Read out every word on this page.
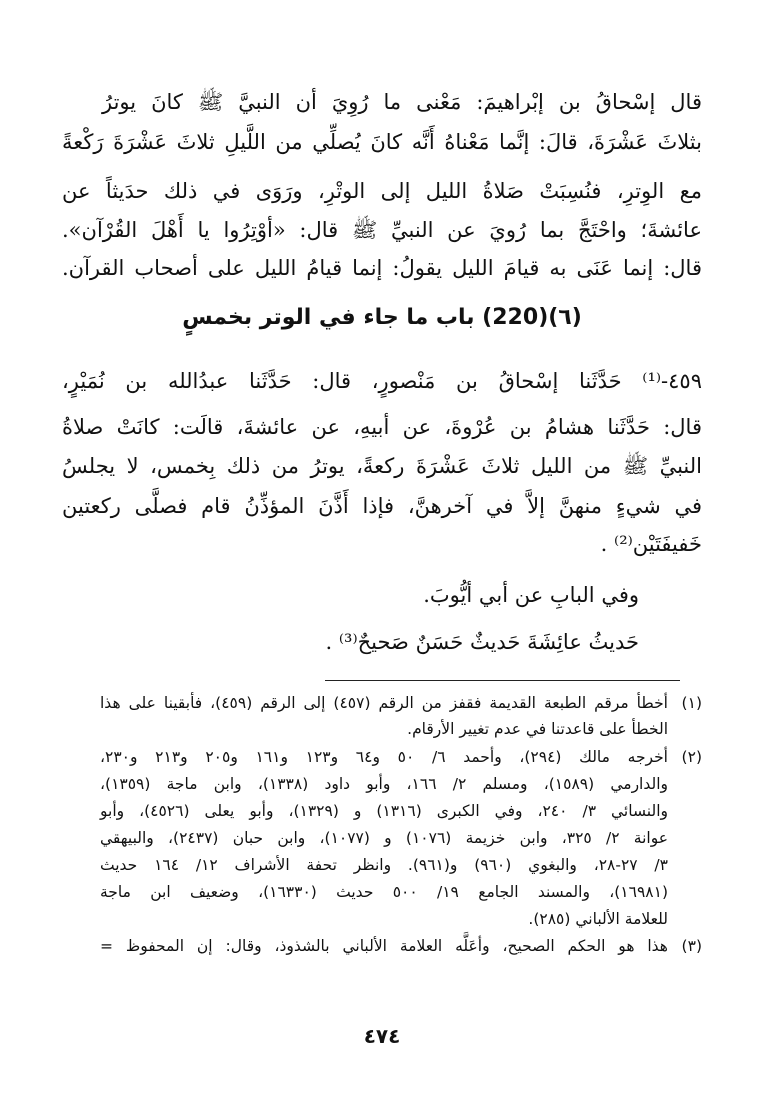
قال إسْحاقُ بن إبْراهيمَ: مَعْنى ما رُوِيَ أن النبيَّ ﷺ كانَ يوترُ
بثلاثَ عَشْرَةَ، قالَ: إنَّما مَعْناهُ أَنَّه كانَ يُصلِّي من اللَّيلِ ثلاثَ عَشْرَةَ رَكْعةً
مع الوِترِ، فنُسِبَتْ صَلاةُ الليل إلى الوتْرِ، ورَوَى في ذلك حدَيثاً عن
عائشةَ؛ واحْتَجَّ بما رُويَ عن النبيِّ ﷺ قال: «أوْتِرُوا يا أَهْلَ القُرْآن».
قال: إنما عَنَى به قيامَ الليل يقولُ: إنما قيامُ الليل على أصحاب القرآن.
(٦)(220) باب ما جاء في الوتر بخمسٍ
٤٥٩-⁽¹⁾ حَدَّثَنا إسْحاقُ بن مَنْصورٍ، قال: حَدَّثَنا عبدُالله بن نُمَيْرٍ،
قال: حَدَّثَنا هشامُ بن عُرْوةَ، عن أبيهِ، عن عائشةَ، قالَت: كانَتْ صلاةُ
النبيِّ ﷺ من الليل ثلاثَ عَشْرَةَ ركعةً، يوترُ من ذلك بِخمس، لا يجلسُ
في شيءٍ منهنَّ إلاَّ في آخرهنَّ، فإذا أَذَّنَ المؤذِّنُ قام فصلَّى ركعتين
خَفيفَتَيْن⁽²⁾ .
وفي البابِ عن أبي أيُّوبَ.
حَديثُ عائِشَةَ حَديثٌ حَسَنٌ صَحيحٌ⁽³⁾ .
(١)
أخطأ مرقم الطبعة القديمة فقفز من الرقم (٤٥٧) إلى الرقم (٤٥٩)، فأبقينا على هذا
الخطأ على قاعدتنا في عدم تغيير الأرقام.
(٢)
أخرجه مالك (٢٩٤)، وأحمد ٦/ ٥٠ و٦٤ و١٢٣ و١٦١ و٢٠٥ و٢١٣ و٢٣٠،
والدارمي (١٥٨٩)، ومسلم ٢/ ١٦٦، وأبو داود (١٣٣٨)، وابن ماجة (١٣٥٩)،
والنسائي ٣/ ٢٤٠، وفي الكبرى (١٣١٦) و (١٣٢٩)، وأبو يعلى (٤٥٢٦)، وأبو
عوانة ٢/ ٣٢٥، وابن خزيمة (١٠٧٦) و (١٠٧٧)، وابن حبان (٢٤٣٧)، والبيهقي
٣/ ٢٧-٢٨، والبغوي (٩٦٠) و(٩٦١). وانظر تحفة الأشراف ١٢/ ١٦٤ حديث
(١٦٩٨١)، والمسند الجامع ١٩/ ٥٠٠ حديث (١٦٣٣٠)، وضعيف ابن ماجة
للعلامة الألباني (٢٨٥).
(٣)
هذا هو الحكم الصحيح، وأعَلَّه العلامة الألباني بالشذوذ، وقال: إن المحفوظ =
٤٧٤
